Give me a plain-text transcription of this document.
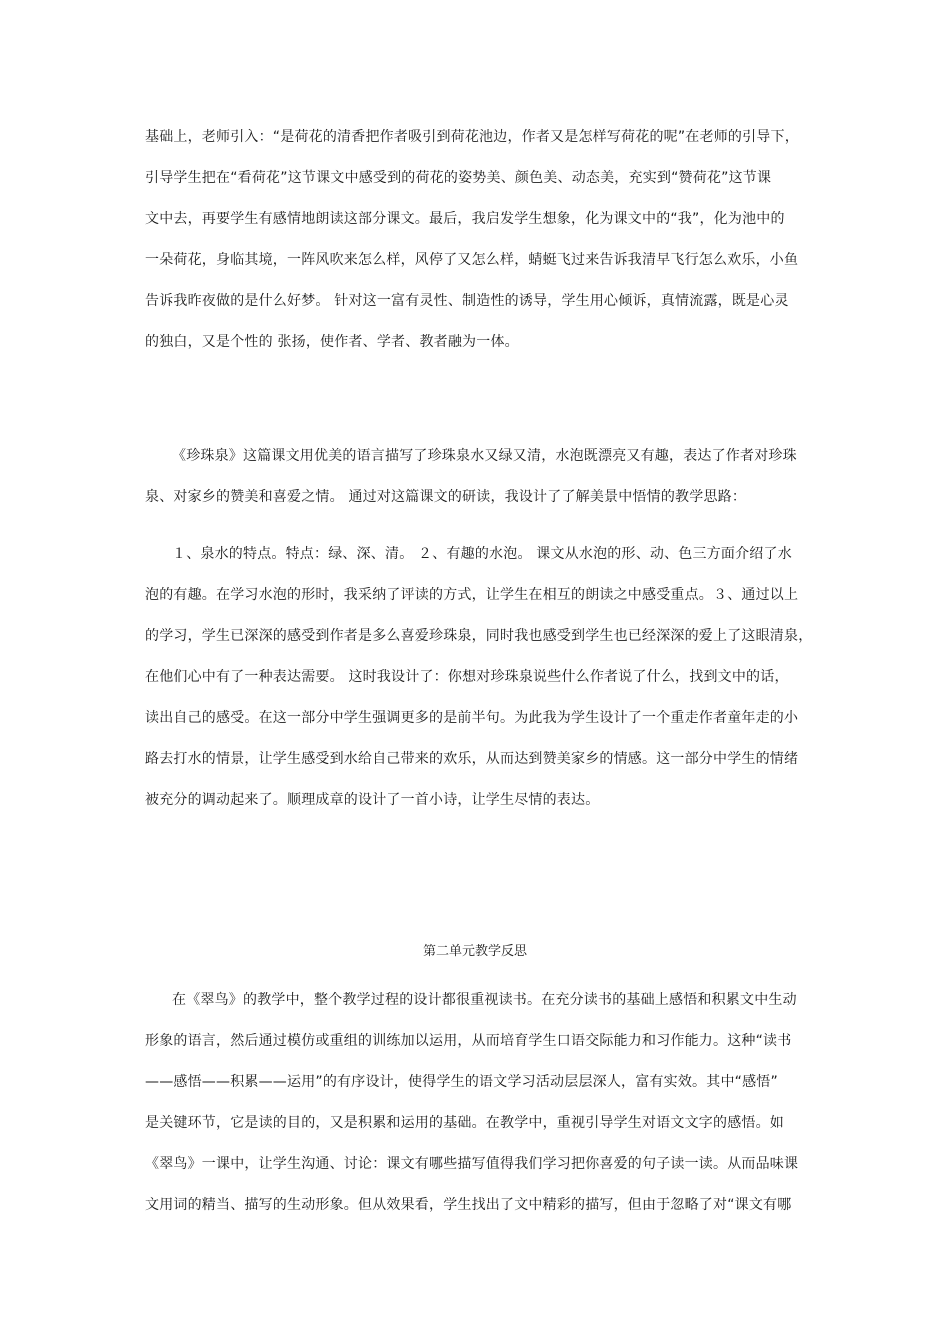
基础上，老师引入：“是荷花的清香把作者吸引到荷花池边，作者又是怎样写荷花的呢”在老师的引导下，
引导学生把在“看荷花”这节课文中感受到的荷花的姿势美、颜色美、动态美，充实到“赞荷花”这节课
文中去，再要学生有感情地朗读这部分课文。最后，我启发学生想象，化为课文中的“我”，化为池中的
一朵荷花，身临其境，一阵风吹来怎么样，风停了又怎么样，蜻蜓飞过来告诉我清早飞行怎么欢乐，小鱼
告诉我昨夜做的是什么好梦。 针对这一富有灵性、制造性的诱导，学生用心倾诉，真情流露，既是心灵
的独白，又是个性的 张扬，使作者、学者、教者融为一体。
《珍珠泉》这篇课文用优美的语言描写了珍珠泉水又绿又清，水泡既漂亮又有趣，表达了作者对珍珠
泉、对家乡的赞美和喜爱之情。 通过对这篇课文的研读，我设计了了解美景中悟情的教学思路：
１、泉水的特点。特点：绿、深、清。 ２、有趣的水泡。 课文从水泡的形、动、色三方面介绍了水
泡的有趣。在学习水泡的形时，我采纳了评读的方式，让学生在相互的朗读之中感受重点。３、通过以上
的学习，学生已深深的感受到作者是多么喜爱珍珠泉，同时我也感受到学生也已经深深的爱上了这眼清泉，
在他们心中有了一种表达需要。 这时我设计了：你想对珍珠泉说些什么作者说了什么，找到文中的话，
读出自己的感受。在这一部分中学生强调更多的是前半句。为此我为学生设计了一个重走作者童年走的小
路去打水的情景，让学生感受到水给自己带来的欢乐，从而达到赞美家乡的情感。这一部分中学生的情绪
被充分的调动起来了。顺理成章的设计了一首小诗，让学生尽情的表达。
第二单元教学反思
在《翠鸟》的教学中，整个教学过程的设计都很重视读书。在充分读书的基础上感悟和积累文中生动
形象的语言，然后通过模仿或重组的训练加以运用，从而培育学生口语交际能力和习作能力。这种“读书
——感悟——积累——运用”的有序设计，使得学生的语文学习活动层层深人，富有实效。其中“感悟”
是关键环节，它是读的目的，又是积累和运用的基础。在教学中，重视引导学生对语文文字的感悟。如
《翠鸟》一课中，让学生沟通、讨论：课文有哪些描写值得我们学习把你喜爱的句子读一读。从而品味课
文用词的精当、描写的生动形象。但从效果看，学生找出了文中精彩的描写，但由于忽略了对“课文有哪
